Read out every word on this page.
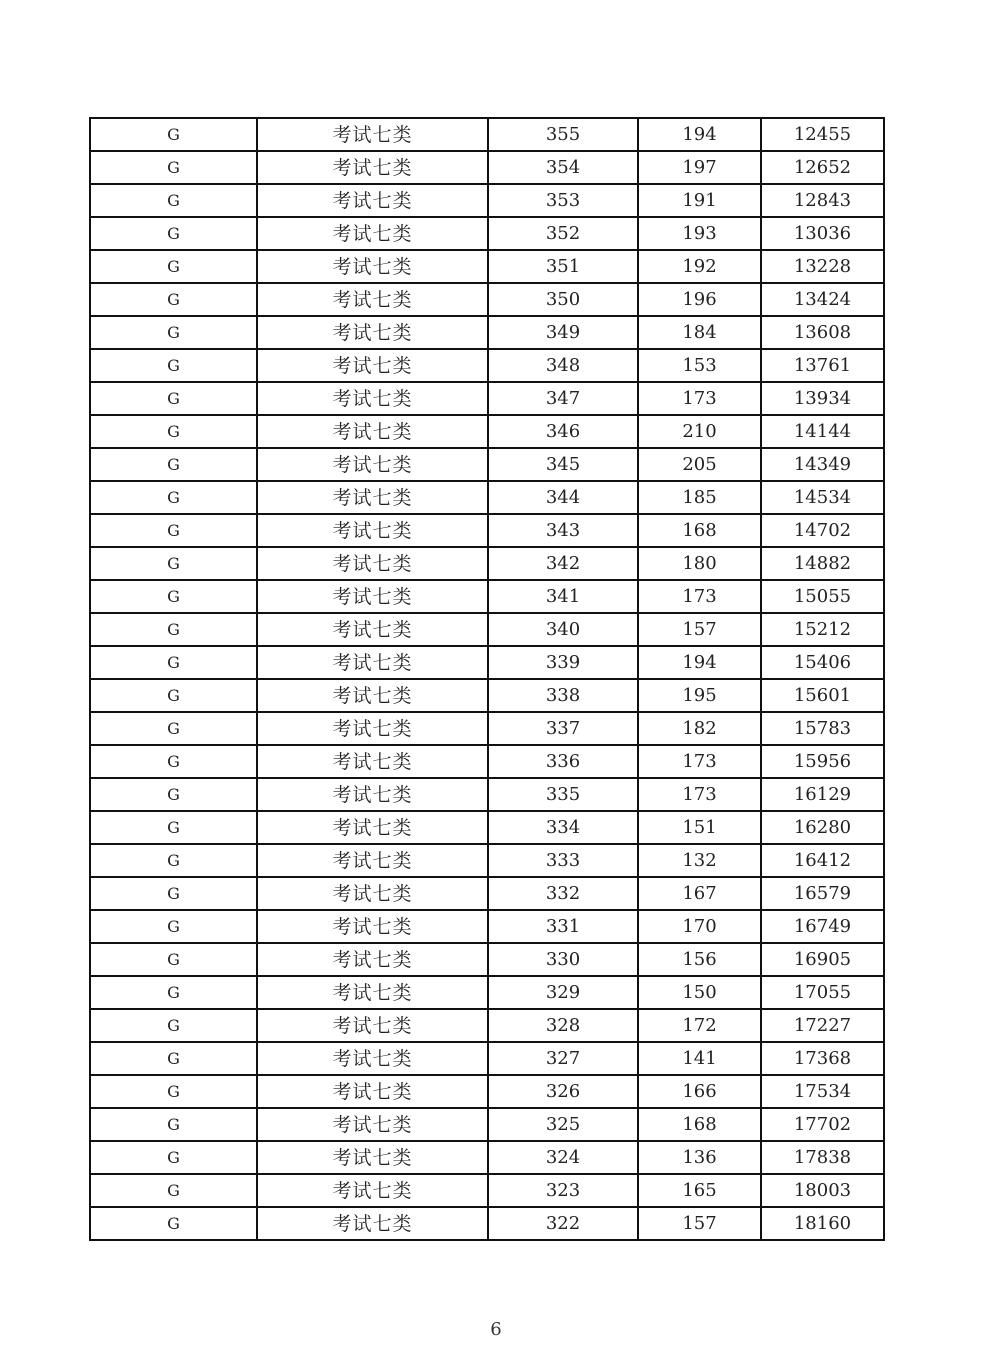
G	考试七类	355	194	12455
G	考试七类	354	197	12652
G	考试七类	353	191	12843
G	考试七类	352	193	13036
G	考试七类	351	192	13228
G	考试七类	350	196	13424
G	考试七类	349	184	13608
G	考试七类	348	153	13761
G	考试七类	347	173	13934
G	考试七类	346	210	14144
G	考试七类	345	205	14349
G	考试七类	344	185	14534
G	考试七类	343	168	14702
G	考试七类	342	180	14882
G	考试七类	341	173	15055
G	考试七类	340	157	15212
G	考试七类	339	194	15406
G	考试七类	338	195	15601
G	考试七类	337	182	15783
G	考试七类	336	173	15956
G	考试七类	335	173	16129
G	考试七类	334	151	16280
G	考试七类	333	132	16412
G	考试七类	332	167	16579
G	考试七类	331	170	16749
G	考试七类	330	156	16905
G	考试七类	329	150	17055
G	考试七类	328	172	17227
G	考试七类	327	141	17368
G	考试七类	326	166	17534
G	考试七类	325	168	17702
G	考试七类	324	136	17838
G	考试七类	323	165	18003
G	考试七类	322	157	18160
6
